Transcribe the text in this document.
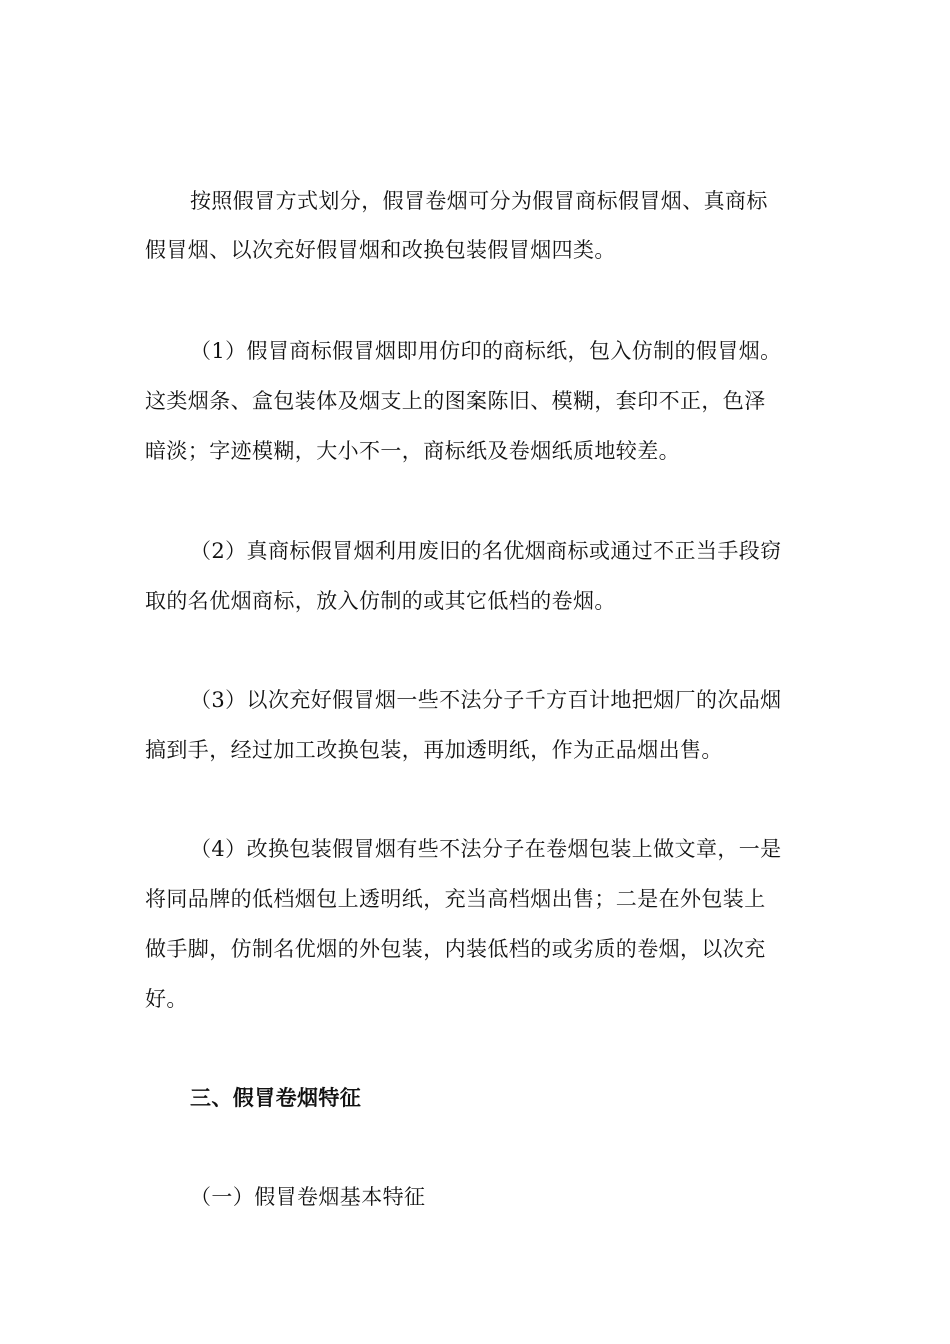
按照假冒方式划分，假冒卷烟可分为假冒商标假冒烟、真商标

假冒烟、以次充好假冒烟和改换包装假冒烟四类。

（1）假冒商标假冒烟即用仿印的商标纸，包入仿制的假冒烟。

这类烟条、盒包装体及烟支上的图案陈旧、模糊，套印不正，色泽

暗淡；字迹模糊，大小不一，商标纸及卷烟纸质地较差。

（2）真商标假冒烟利用废旧的名优烟商标或通过不正当手段窃

取的名优烟商标，放入仿制的或其它低档的卷烟。

（3）以次充好假冒烟一些不法分子千方百计地把烟厂的次品烟

搞到手，经过加工改换包装，再加透明纸，作为正品烟出售。

（4）改换包装假冒烟有些不法分子在卷烟包装上做文章，一是

将同品牌的低档烟包上透明纸，充当高档烟出售；二是在外包装上

做手脚，仿制名优烟的外包装，内装低档的或劣质的卷烟，以次充

好。

三、假冒卷烟特征

（一）假冒卷烟基本特征
